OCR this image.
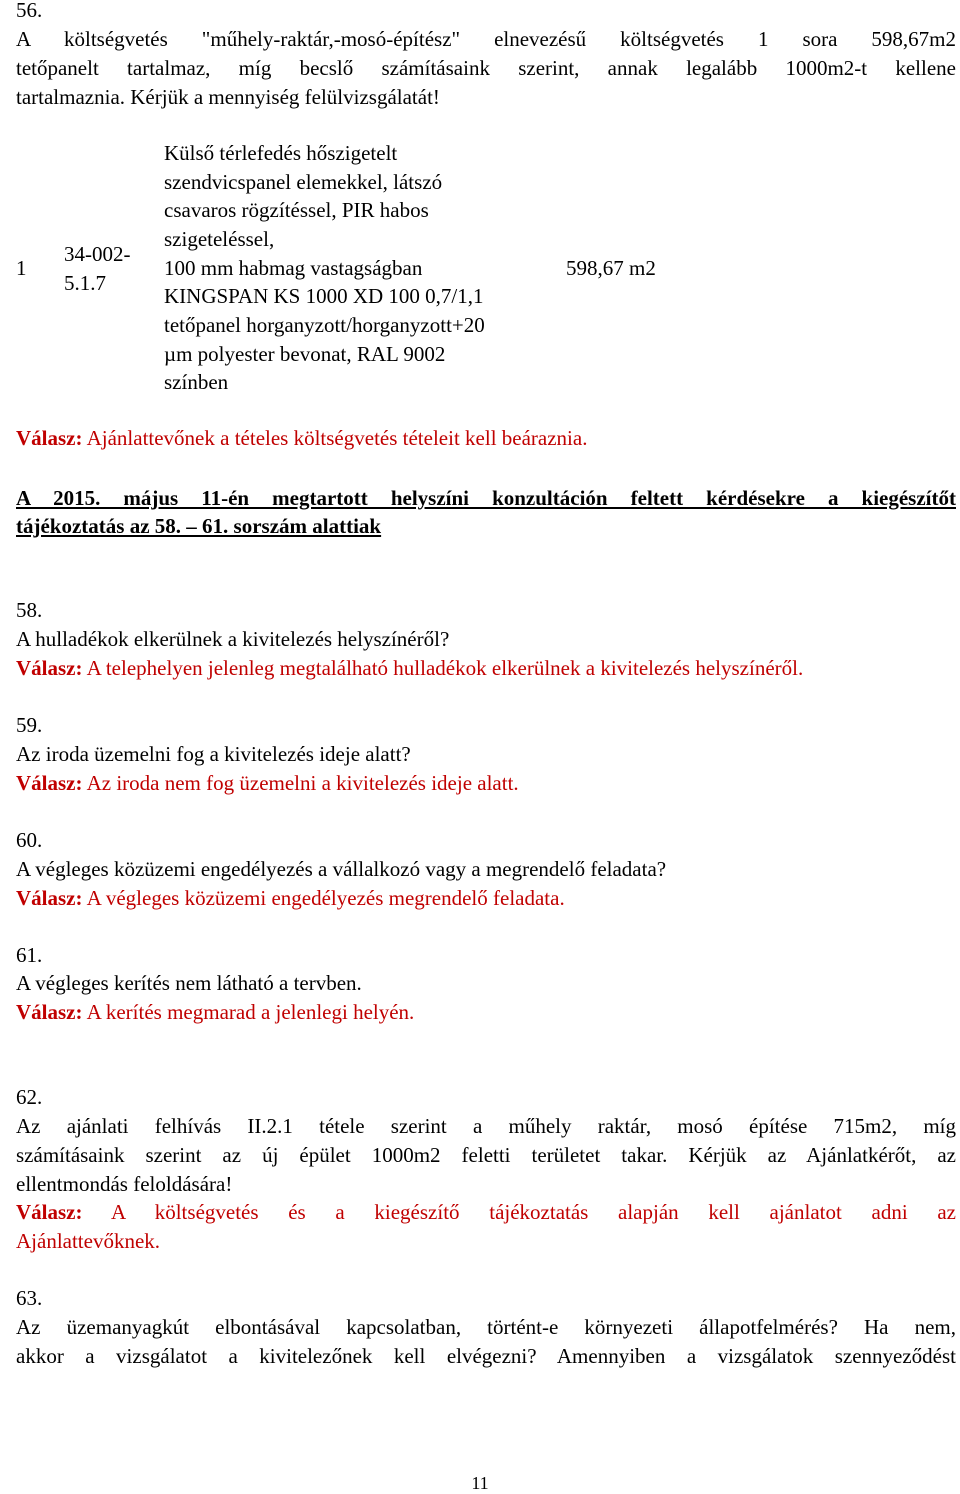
56.
A költségvetés "műhely-raktár,-mosó-építész" elnevezésű költségvetés 1 sora 598,67m2
tetőpanelt tartalmaz, míg becslő számításaink szerint, annak legalább 1000m2-t kellene
tartalmaznia. Kérjük a mennyiség felülvizsgálatát!
1
34-002-
5.1.7
Külső térlefedés hőszigetelt
szendvicspanel elemekkel, látszó
csavaros rögzítéssel, PIR habos
szigeteléssel,
100 mm habmag vastagságban
KINGSPAN KS 1000 XD 100 0,7/1,1
tetőpanel horganyzott/horganyzott+20
µm polyester bevonat, RAL 9002
színben
598,67 m2
Válasz: Ajánlattevőnek a tételes költségvetés tételeit kell beáraznia.
A 2015. május 11-én megtartott helyszíni konzultáción feltett kérdésekre a kiegészítőt
tájékoztatás az 58. – 61. sorszám alattiak
58.
A hulladékok elkerülnek a kivitelezés helyszínéről?
Válasz: A telephelyen jelenleg megtalálható hulladékok elkerülnek a kivitelezés helyszínéről.
59.
Az iroda üzemelni fog a kivitelezés ideje alatt?
Válasz: Az iroda nem fog üzemelni a kivitelezés ideje alatt.
60.
A végleges közüzemi engedélyezés a vállalkozó vagy a megrendelő feladata?
Válasz: A végleges közüzemi engedélyezés megrendelő feladata.
61.
A végleges kerítés nem látható a tervben.
Válasz: A kerítés megmarad a jelenlegi helyén.
62.
Az ajánlati felhívás II.2.1 tétele szerint a műhely raktár, mosó építése 715m2, míg
számításaink szerint az új épület 1000m2 feletti területet takar. Kérjük az Ajánlatkérőt, az
ellentmondás feloldására!
Válasz: A költségvetés és a kiegészítő tájékoztatás alapján kell ajánlatot adni az
Ajánlattevőknek.
63.
Az üzemanyagkút elbontásával kapcsolatban, történt-e környezeti állapotfelmérés? Ha nem,
akkor a vizsgálatot a kivitelezőnek kell elvégezni? Amennyiben a vizsgálatok szennyeződést
11
